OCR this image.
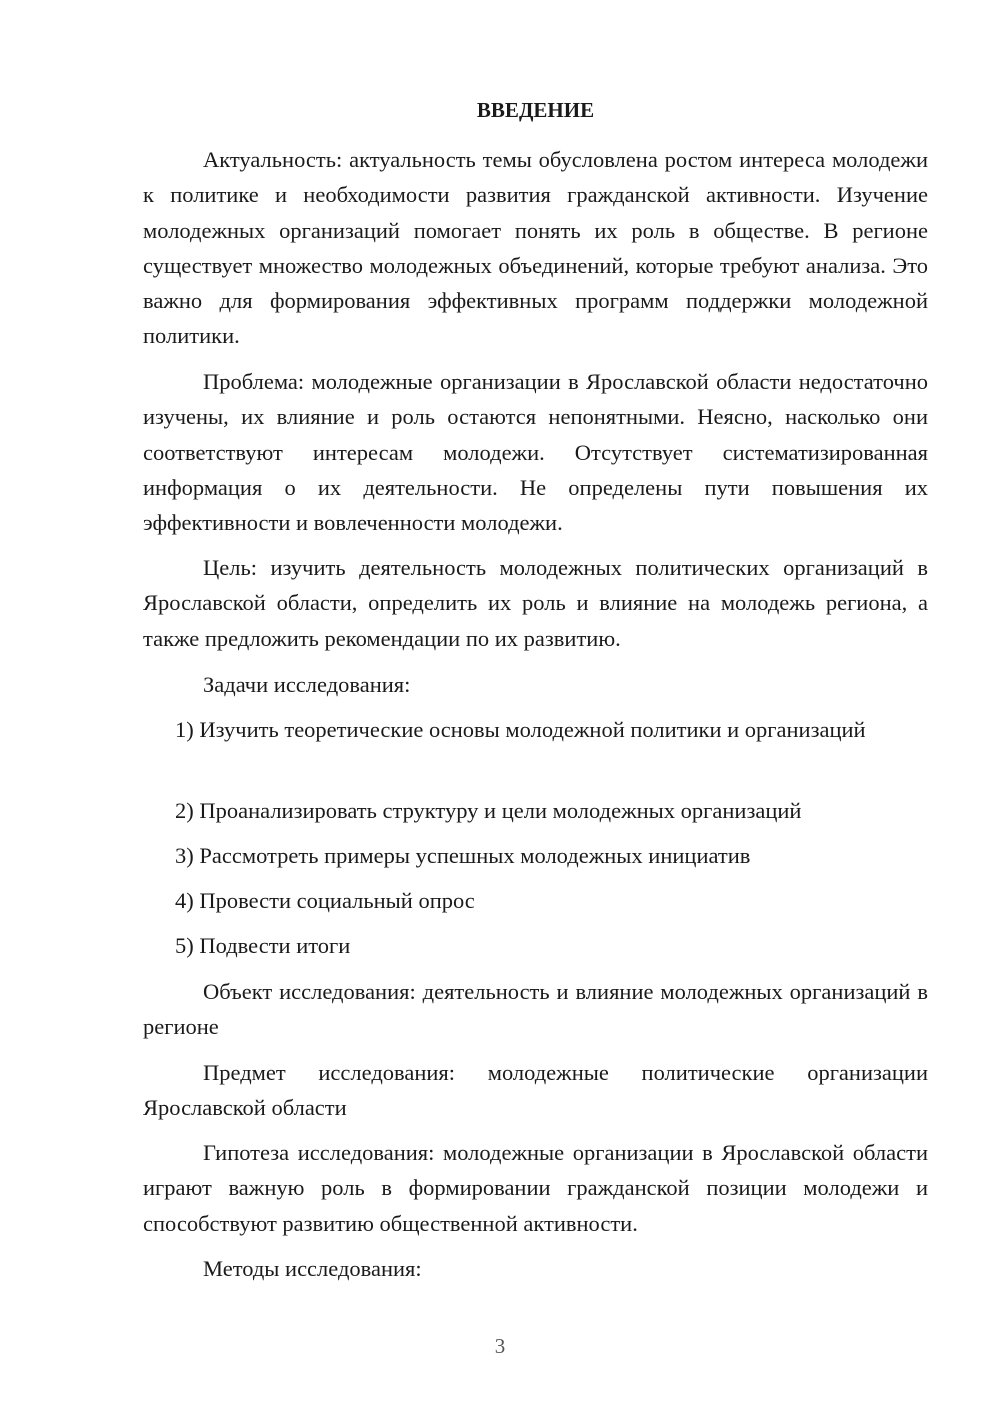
ВВЕДЕНИЕ

Актуальность: актуальность темы обусловлена ростом интереса молодежи к политике и необходимости развития гражданской активности. Изучение молодежных организаций помогает понять их роль в обществе. В регионе существует множество молодежных объединений, которые требуют анализа. Это важно для формирования эффективных программ поддержки молодежной политики.

Проблема: молодежные организации в Ярославской области недостаточно изучены, их влияние и роль остаются непонятными. Неясно, насколько они соответствуют интересам молодежи. Отсутствует систематизированная информация о их деятельности. Не определены пути повышения их эффективности и вовлеченности молодежи.

Цель: изучить деятельность молодежных политических организаций в Ярославской области, определить их роль и влияние на молодежь региона, а также предложить рекомендации по их развитию.

Задачи исследования:

1) Изучить теоретические основы молодежной политики и организаций

2) Проанализировать структуру и цели молодежных организаций

3) Рассмотреть примеры успешных молодежных инициатив

4) Провести социальный опрос

5) Подвести итоги

Объект исследования: деятельность и влияние молодежных организаций в регионе

Предмет исследования: молодежные политические организации Ярославской области

Гипотеза исследования: молодежные организации в Ярославской области играют важную роль в формировании гражданской позиции молодежи и способствуют развитию общественной активности.

Методы исследования:

3
